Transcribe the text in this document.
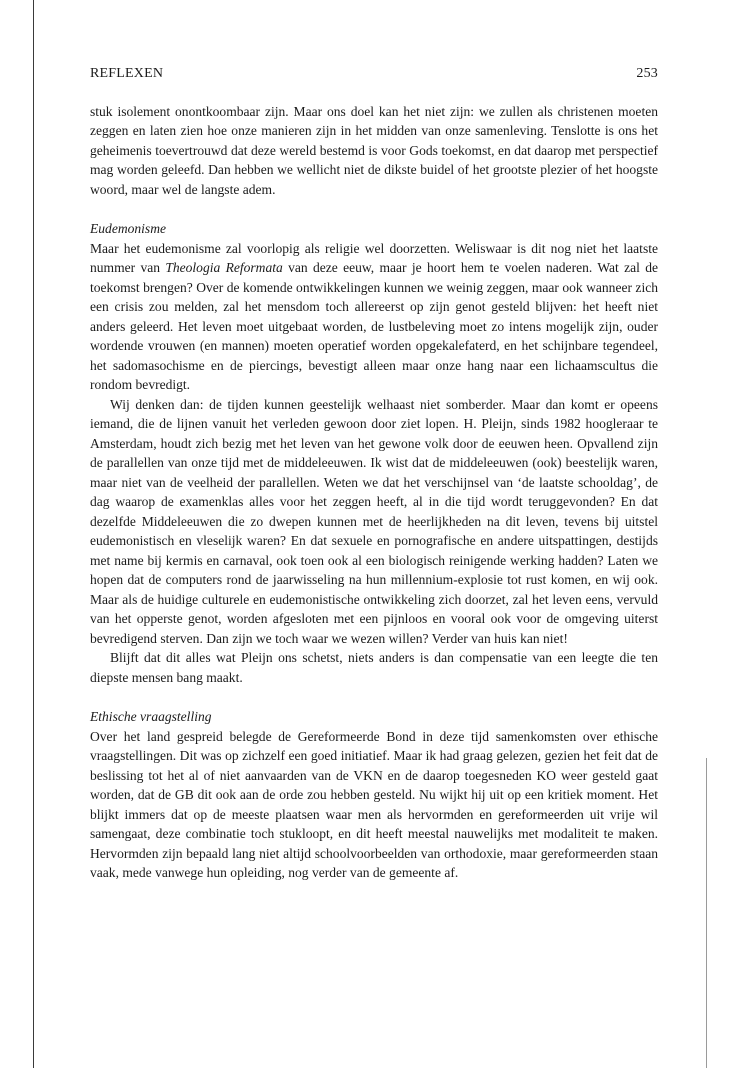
REFLEXEN	253

stuk isolement onontkoombaar zijn. Maar ons doel kan het niet zijn: we zullen als christenen moeten zeggen en laten zien hoe onze manieren zijn in het midden van onze samenleving. Tenslotte is ons het geheimenis toevertrouwd dat deze wereld bestemd is voor Gods toekomst, en dat daarop met perspectief mag worden geleefd. Dan hebben we wellicht niet de dikste buidel of het grootste plezier of het hoogste woord, maar wel de langste adem.

Eudemonisme

Maar het eudemonisme zal voorlopig als religie wel doorzetten. Weliswaar is dit nog niet het laatste nummer van Theologia Reformata van deze eeuw, maar je hoort hem te voelen naderen. Wat zal de toekomst brengen? Over de komende ontwikkelingen kunnen we weinig zeggen, maar ook wanneer zich een crisis zou melden, zal het mensdom toch allereerst op zijn genot gesteld blijven: het heeft niet anders geleerd. Het leven moet uitgebaat worden, de lustbeleving moet zo intens mogelijk zijn, ouder wordende vrouwen (en mannen) moeten operatief worden opgekalefaterd, en het schijnbare tegendeel, het sadomasochisme en de piercings, bevestigt alleen maar onze hang naar een lichaamscultus die rondom bevredigt.

Wij denken dan: de tijden kunnen geestelijk welhaast niet somberder. Maar dan komt er opeens iemand, die de lijnen vanuit het verleden gewoon door ziet lopen. H. Pleijn, sinds 1982 hoogleraar te Amsterdam, houdt zich bezig met het leven van het gewone volk door de eeuwen heen. Opvallend zijn de parallellen van onze tijd met de middeleeuwen. Ik wist dat de middeleeuwen (ook) beestelijk waren, maar niet van de veelheid der parallellen. Weten we dat het verschijnsel van ‘de laatste schooldag’, de dag waarop de examenklas alles voor het zeggen heeft, al in die tijd wordt teruggevonden? En dat dezelfde Middeleeuwen die zo dwepen kunnen met de heerlijkheden na dit leven, tevens bij uitstel eudemonistisch en vleselijk waren? En dat sexuele en pornografische en andere uitspattingen, destijds met name bij kermis en carnaval, ook toen ook al een biologisch reinigende werking hadden? Laten we hopen dat de computers rond de jaarwisseling na hun millennium-explosie tot rust komen, en wij ook. Maar als de huidige culturele en eudemonistische ontwikkeling zich doorzet, zal het leven eens, vervuld van het opperste genot, worden afgesloten met een pijnloos en vooral ook voor de omgeving uiterst bevredigend sterven. Dan zijn we toch waar we wezen willen? Verder van huis kan niet!

Blijft dat dit alles wat Pleijn ons schetst, niets anders is dan compensatie van een leegte die ten diepste mensen bang maakt.

Ethische vraagstelling

Over het land gespreid belegde de Gereformeerde Bond in deze tijd samenkomsten over ethische vraagstellingen. Dit was op zichzelf een goed initiatief. Maar ik had graag gelezen, gezien het feit dat de beslissing tot het al of niet aanvaarden van de VKN en de daarop toegesneden KO weer gesteld gaat worden, dat de GB dit ook aan de orde zou hebben gesteld. Nu wijkt hij uit op een kritiek moment. Het blijkt immers dat op de meeste plaatsen waar men als hervormden en gereformeerden uit vrije wil samengaat, deze combinatie toch stukloopt, en dit heeft meestal nauwelijks met modaliteit te maken. Hervormden zijn bepaald lang niet altijd schoolvoorbeelden van orthodoxie, maar gereformeerden staan vaak, mede vanwege hun opleiding, nog verder van de gemeente af.
